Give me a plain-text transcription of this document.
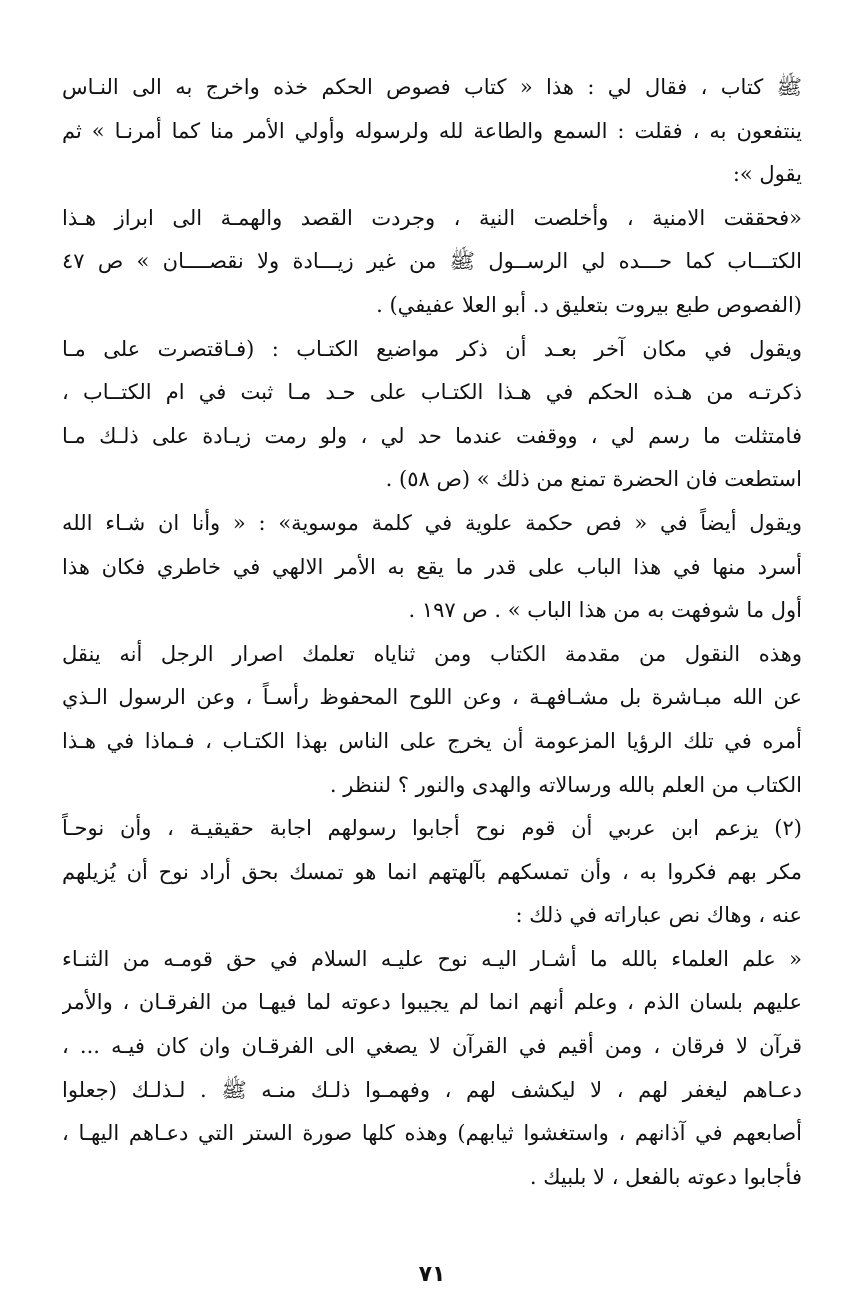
ﷺ كتاب ، فقال لي : هذا « كتاب فصوص الحكم خذه واخرج به الى النـاس
ينتفعون به ، فقلت : السمع والطاعة لله ولرسوله وأولي الأمر منا كما أمرنـا » ثم
يقول »:
«فحققت الامنية ، وأخلصت النية ، وجردت القصد والهمـة الى ابراز هـذا
الكتـــاب كما حـــده لي الرســول ﷺ من غير زيـــادة ولا نقصــــان » ص ٤٧
(الفصوص طبع بيروت بتعليق د. أبو العلا عفيفي) .
ويقول في مكان آخر بعـد أن ذكر مواضيع الكتـاب : (فـاقتصرت على مـا
ذكرتـه من هـذه الحكم في هـذا الكتـاب على حـد مـا ثبت في ام الكتــاب ،
فامتثلت ما رسم لي ، ووقفت عندما حد لي ، ولو رمت زيـادة على ذلـك مـا
استطعت فان الحضرة تمنع من ذلك » (ص ٥٨) .
ويقول أيضاً في « فص حكمة علوية في كلمة موسوية» : « وأنا ان شـاء الله
أسرد منها في هذا الباب على قدر ما يقع به الأمر الالهي في خاطري فكان هذا
أول ما شوفهت به من هذا الباب » . ص ١٩٧ .
وهذه النقول من مقدمة الكتاب ومن ثناياه تعلمك اصرار الرجل أنه ينقل
عن الله مبـاشرة بل مشـافهـة ، وعن اللوح المحفوظ رأسـاً ، وعن الرسول الـذي
أمره في تلك الرؤيا المزعومة أن يخرج على الناس بهذا الكتـاب ، فـماذا في هـذا
الكتاب من العلم بالله ورسالاته والهدى والنور ؟ لننظر .
(٢) يزعم ابن عربي أن قوم نوح أجابوا رسولهم اجابة حقيقيـة ، وأن نوحـاً
مكر بهم فكروا به ، وأن تمسكهم بآلهتهم انما هو تمسك بحق أراد نوح أن يُزيلهم
عنه ، وهاك نص عباراته في ذلك :
« علم العلماء بالله ما أشـار اليـه نوح عليـه السلام في حق قومـه من الثنـاء
عليهم بلسان الذم ، وعلم أنهم انما لم يجيبوا دعوته لما فيهـا من الفرقـان ، والأمر
قرآن لا فرقان ، ومن أقيم في القرآن لا يصغي الى الفرقـان وان كان فيـه ... ،
دعـاهم ليغفر لهم ، لا ليكشف لهم ، وفهمـوا ذلـك منـه ﷺ . لـذلـك (جعلوا
أصابعهم في آذانهم ، واستغشوا ثيابهم) وهذه كلها صورة الستر التي دعـاهم اليهـا ،
فأجابوا دعوته بالفعل ، لا بلبيك .
٧١
